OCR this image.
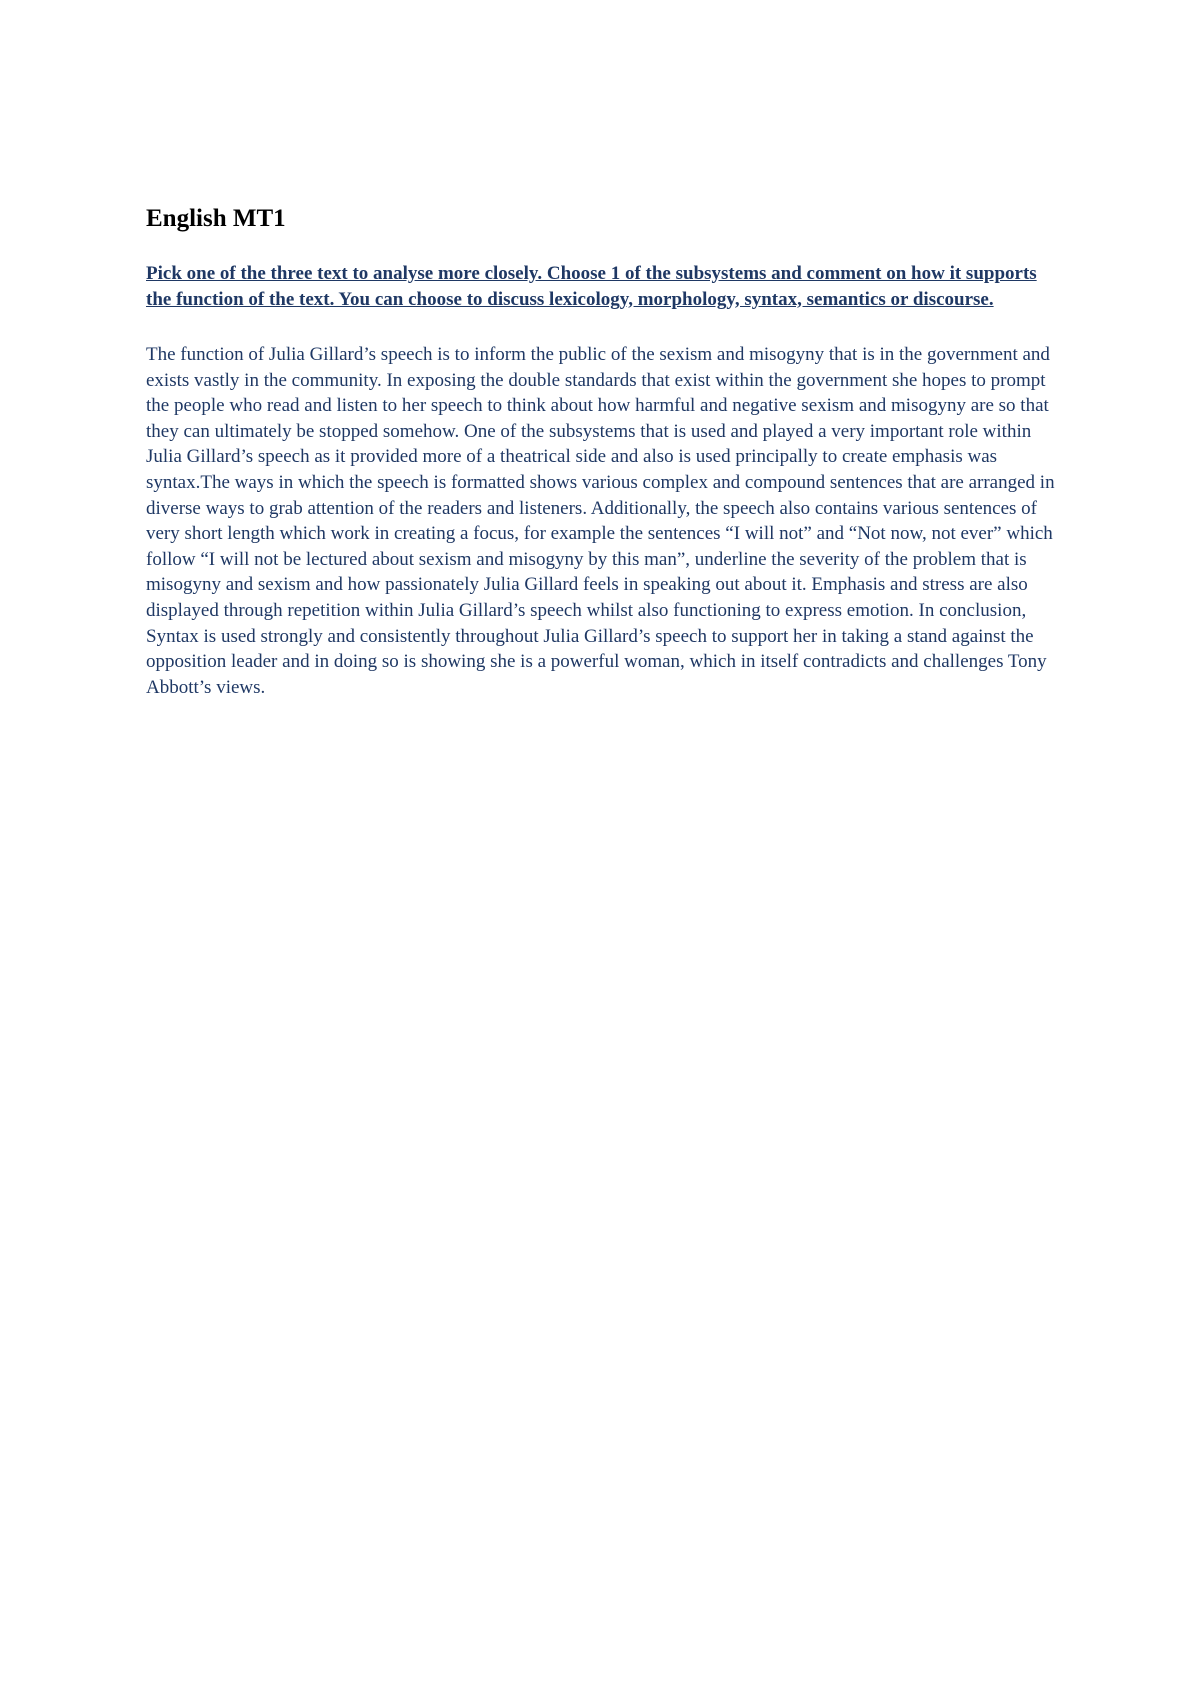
English MT1

Pick one of the three text to analyse more closely. Choose 1 of the subsystems and comment on how it supports the function of the text. You can choose to discuss lexicology, morphology, syntax, semantics or discourse.

The function of Julia Gillard’s speech is to inform the public of the sexism and misogyny that is in the government and exists vastly in the community. In exposing the double standards that exist within the government she hopes to prompt the people who read and listen to her speech to think about how harmful and negative sexism and misogyny are so that they can ultimately be stopped somehow. One of the subsystems that is used and played a very important role within Julia Gillard’s speech as it provided more of a theatrical side and also is used principally to create emphasis was syntax.The ways in which the speech is formatted shows various complex and compound sentences that are arranged in diverse ways to grab attention of the readers and listeners. Additionally, the speech also contains various sentences of very short length which work in creating a focus, for example the sentences “I will not” and “Not now, not ever” which follow “I will not be lectured about sexism and misogyny by this man”, underline the severity of the problem that is misogyny and sexism and how passionately Julia Gillard feels in speaking out about it. Emphasis and stress are also displayed through repetition within Julia Gillard’s speech whilst also functioning to express emotion. In conclusion, Syntax is used strongly and consistently throughout Julia Gillard’s speech to support her in taking a stand against the opposition leader and in doing so is showing she is a powerful woman, which in itself contradicts and challenges Tony Abbott’s views.
